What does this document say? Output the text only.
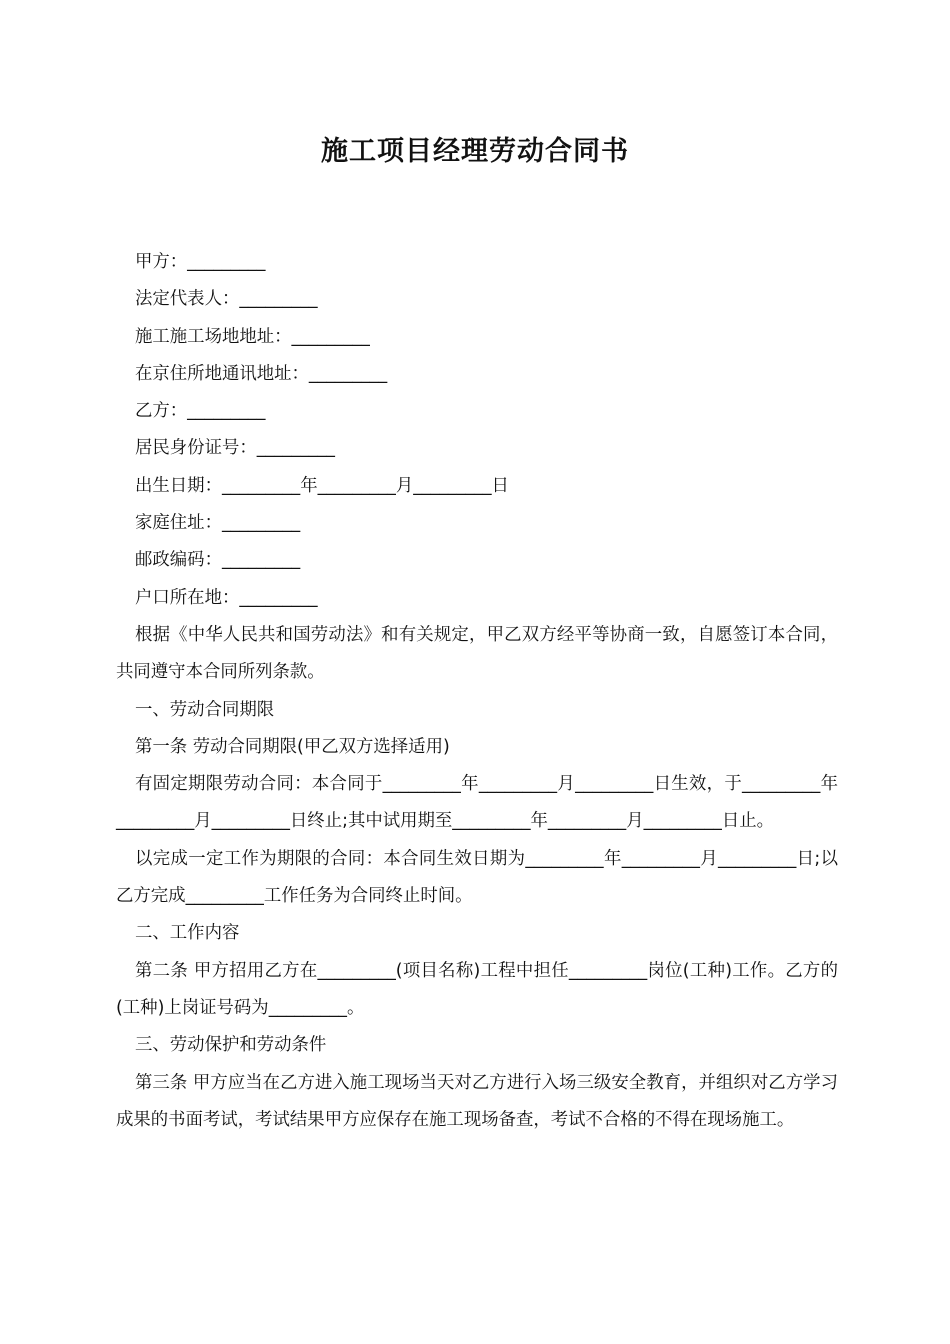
施工项目经理劳动合同书

甲方：_________

法定代表人：_________

施工施工场地地址：_________

在京住所地通讯地址：_________

乙方：_________

居民身份证号：_________

出生日期：_________年_________月_________日

家庭住址：_________

邮政编码：_________

户口所在地：_________

根据《中华人民共和国劳动法》和有关规定，甲乙双方经平等协商一致，自愿签订本合同，共同遵守本合同所列条款。

一、劳动合同期限

第一条 劳动合同期限(甲乙双方选择适用)

有固定期限劳动合同：本合同于_________年_________月_________日生效，于_________年_________月_________日终止;其中试用期至_________年_________月_________日止。

以完成一定工作为期限的合同：本合同生效日期为_________年_________月_________日;以乙方完成_________工作任务为合同终止时间。

二、工作内容

第二条 甲方招用乙方在_________(项目名称)工程中担任_________岗位(工种)工作。乙方的(工种)上岗证号码为_________。

三、劳动保护和劳动条件

第三条 甲方应当在乙方进入施工现场当天对乙方进行入场三级安全教育，并组织对乙方学习成果的书面考试，考试结果甲方应保存在施工现场备查，考试不合格的不得在现场施工。
